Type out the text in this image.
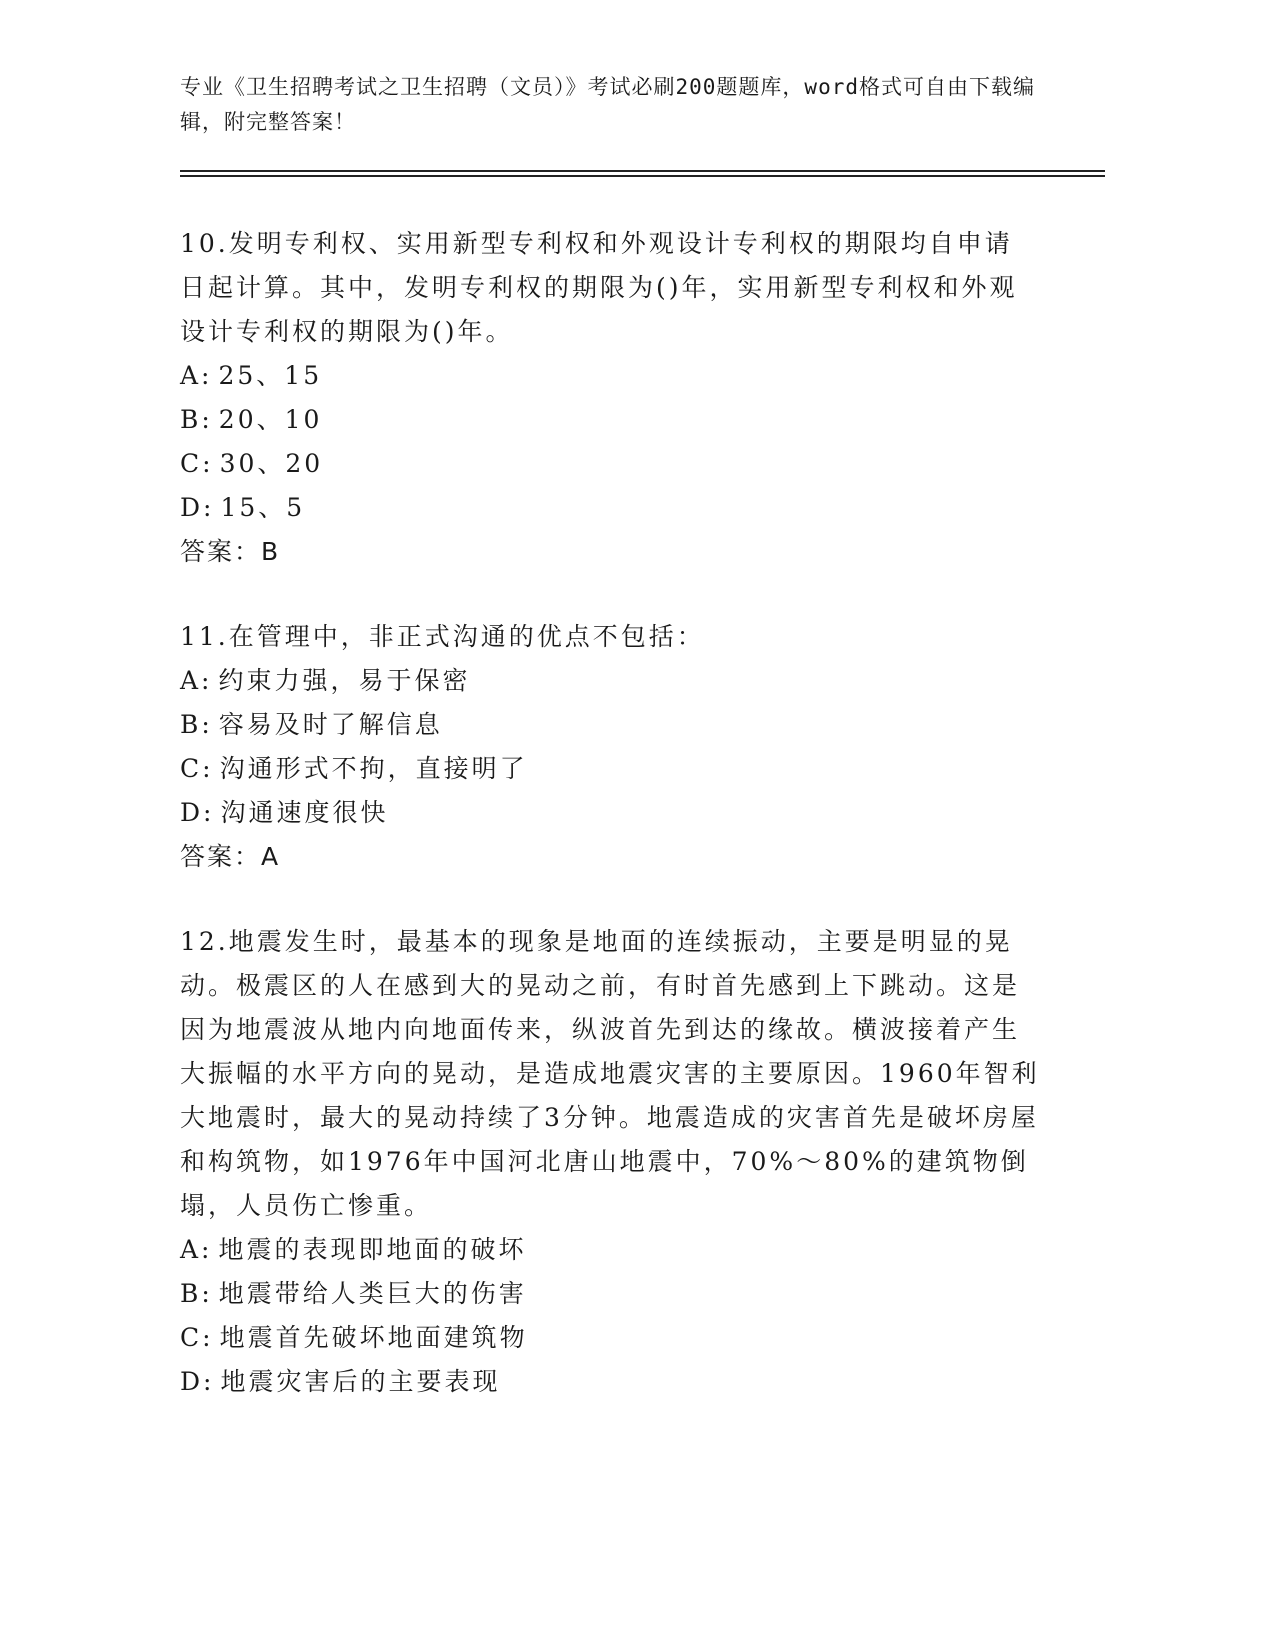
专业《卫生招聘考试之卫生招聘（文员）》考试必刷200题题库，word格式可自由下载编辑，附完整答案！

10.发明专利权、实用新型专利权和外观设计专利权的期限均自申请日起计算。其中，发明专利权的期限为()年，实用新型专利权和外观设计专利权的期限为()年。

A: 25、15

B: 20、10

C: 30、20

D: 15、5

答案：B

11.在管理中，非正式沟通的优点不包括：

A: 约束力强，易于保密

B: 容易及时了解信息

C: 沟通形式不拘，直接明了

D: 沟通速度很快

答案：A

12.地震发生时，最基本的现象是地面的连续振动，主要是明显的晃动。极震区的人在感到大的晃动之前，有时首先感到上下跳动。这是因为地震波从地内向地面传来，纵波首先到达的缘故。横波接着产生大振幅的水平方向的晃动，是造成地震灾害的主要原因。1960年智利大地震时，最大的晃动持续了3分钟。地震造成的灾害首先是破坏房屋和构筑物，如1976年中国河北唐山地震中，70%～80%的建筑物倒塌，人员伤亡惨重。

A: 地震的表现即地面的破坏

B: 地震带给人类巨大的伤害

C: 地震首先破坏地面建筑物

D: 地震灾害后的主要表现
